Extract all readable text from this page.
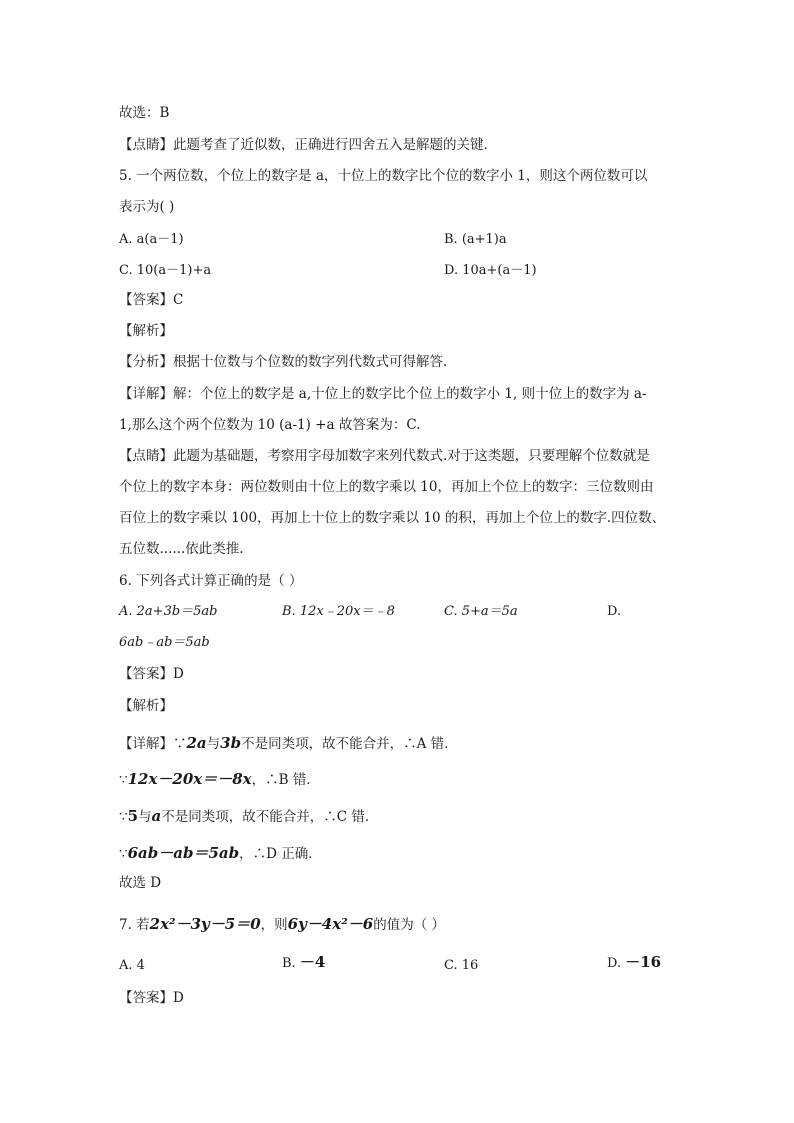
故选：B
【点睛】此题考查了近似数，正确进行四舍五入是解题的关键．
5. 一个两位数，个位上的数字是 a，十位上的数字比个位的数字小 1，则这个两位数可以
表示为( )
A. a(a－1)	B. (a+1)a
C. 10(a－1)+a	D. 10a+(a－1)
【答案】C
【解析】
【分析】根据十位数与个位数的数字列代数式可得解答.
【详解】解：个位上的数字是 a,十位上的数字比个位上的数字小 1, 则十位上的数字为 a-
1,那么这个两个位数为 10 (a-1) +a 故答案为：C.
【点睛】此题为基础题，考察用字母加数字来列代数式.对于这类题，只要理解个位数就是
个位上的数字本身：两位数则由十位上的数字乘以 10，再加上个位上的数字：三位数则由
百位上的数字乘以 100，再加上十位上的数字乘以 10 的积，再加上个位上的数字.四位数、
五位数......依此类推.
6. 下列各式计算正确的是（ ）
A. 2a+3b＝5ab	B. 12x﹣20x＝﹣8	C. 5+a＝5a	D.
6ab﹣ab＝5ab
【答案】D
【解析】
【详解】∵2a与3b不是同类项，故不能合并，∴A 错．
∵12x－20x＝－8x，∴B 错．
∵5与a不是同类项，故不能合并，∴C 错．
∵6ab－ab＝5ab，∴D 正确．
故选 D
7. 若2x²－3y－5＝0，则6y－4x²－6的值为（ ）
A. 4	B. －4	C. 16	D. －16
【答案】D
